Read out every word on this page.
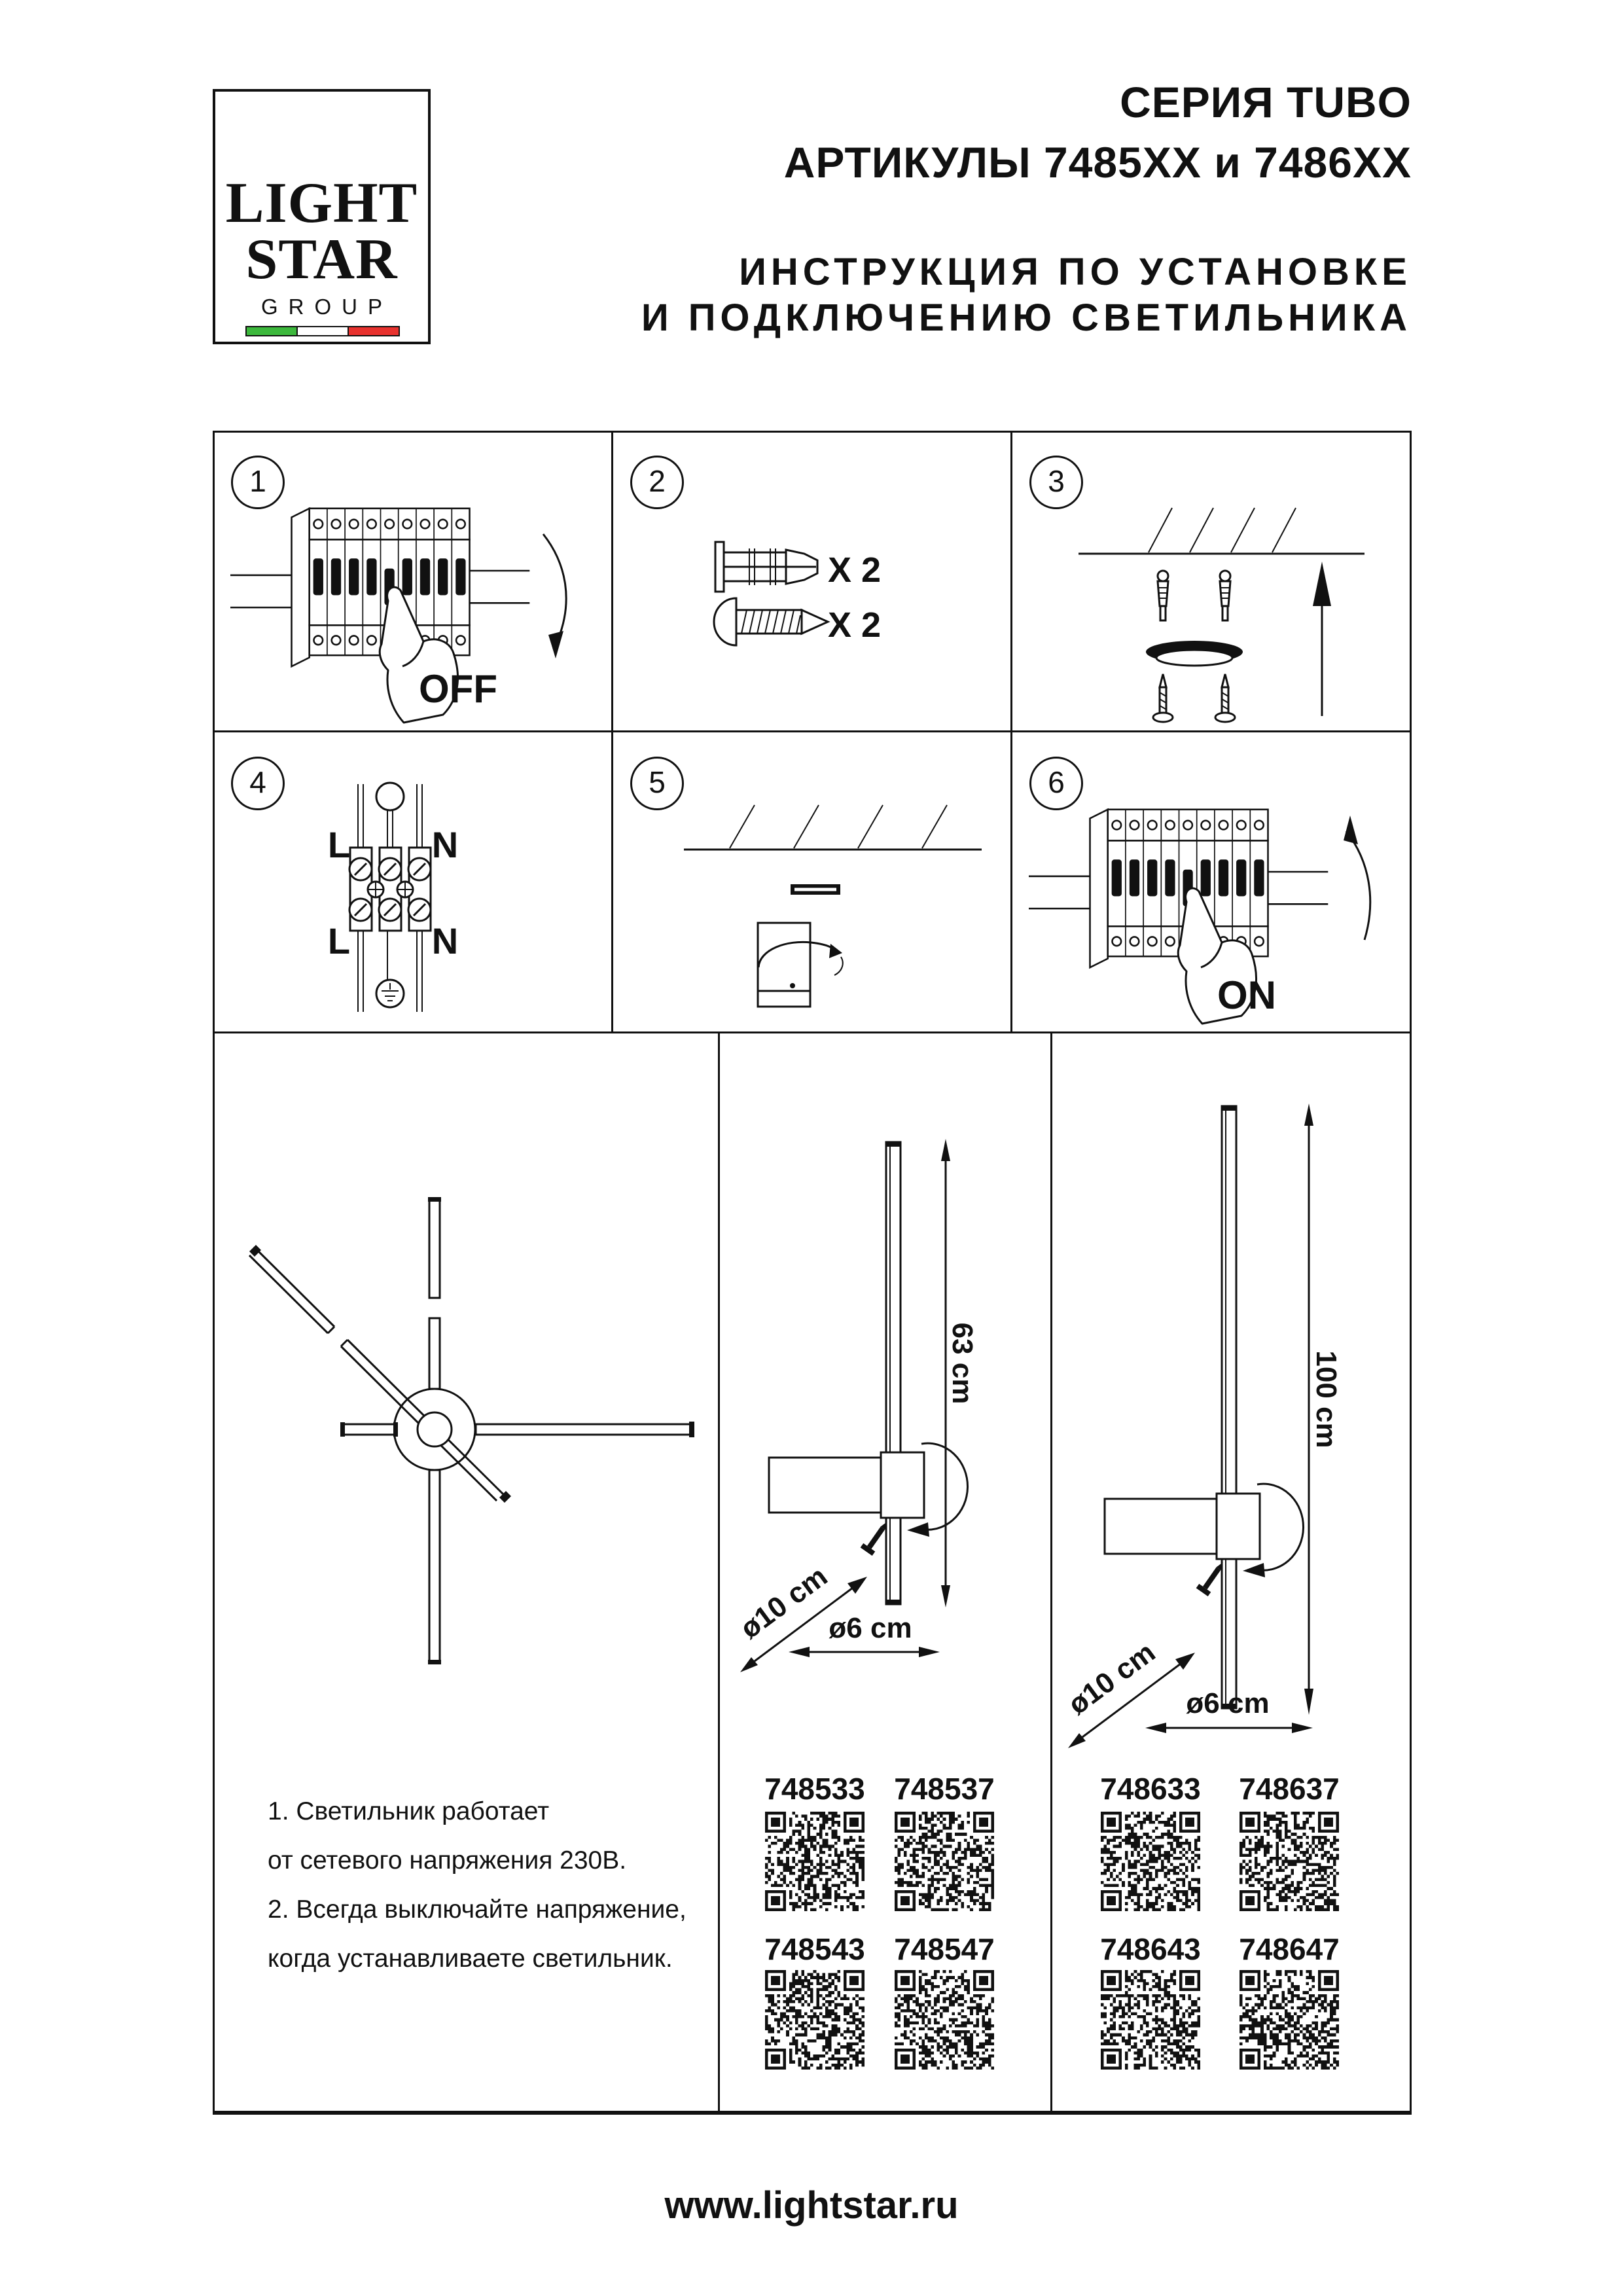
LIGHT
STAR
GROUP
СЕРИЯ TUBO
АРТИКУЛЫ 7485XX и 7486XX
ИНСТРУКЦИЯ ПО УСТАНОВКЕ
И ПОДКЛЮЧЕНИЮ СВЕТИЛЬНИКА
1	2	3
4	5	6
OFF
X 2
X 2
L	N
L	N
ON
63 cm
ø10 cm
ø6 cm
100 cm
ø10 cm ø6 cm
748533 748537
748543 748547
748633	748637
748643	748647
1. Светильник работает
от сетевого напряжения 230В.
2. Всегда выключайте напряжение,
когда устанавливаете светильник.
www.lightstar.ru
